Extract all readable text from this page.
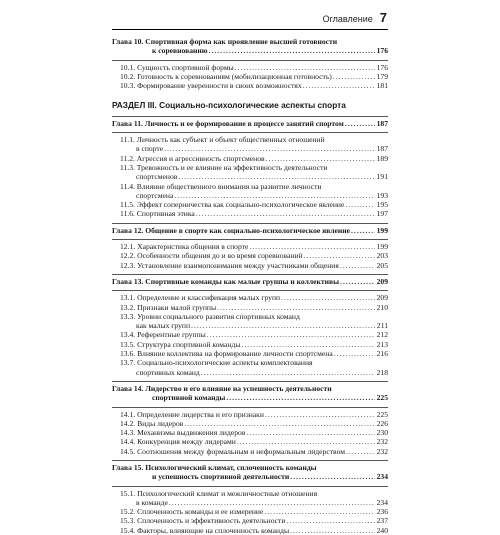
Оглавление 7
Глава 10. Спортивная форма как проявление высшей готовности
к соревнованию .....	176
10.1. Сущность спортивной формы .....	176
10.2. Готовность к соревнованиям (мобилизационная готовность) .....	179
10.3. Формирование уверенности в своих возможностях .....	181
РАЗДЕЛ III. Социально-психологические аспекты спорта
Глава 11. Личность и ее формирование в процессе занятий спортом .....	187
11.1. Личность как субъект и объект общественных отношений
в спорте .....	187
11.2. Агрессия и агрессивность спортсменов .....	189
11.3. Тревожность и ее влияние на эффективность деятельности
спортсменов .....	191
11.4. Влияние общественного внимания на развитие личности
спортсмена .....	193
11.5. Эффект соперничества как социально-психологическое явление .....	195
11.6. Спортивная этика .....	197
Глава 12. Общение в спорте как социально-психологическое явление .....	199
12.1. Характеристика общения в спорте .....	199
12.2. Особенности общения до и во время соревнований .....	203
12.3. Установление взаимопонимания между участниками общения .....	205
Глава 13. Спортивные команды как малые группы и коллективы .....	209
13.1. Определение и классификация малых групп .....	209
13.2. Признаки малой группы .....	210
13.3. Уровни социального развития спортивных команд
как малых групп .....	211
13.4. Референтные группы .....	212
13.5. Структура спортивной команды .....	213
13.6. Влияние коллектива на формирование личности спортсмена .....	216
13.7. Социально-психологические аспекты комплектования
спортивных команд .....	218
Глава 14. Лидерство и его влияние на успешность деятельности
спортивной команды .....	225
14.1. Определение лидерства и его признаки .....	225
14.2. Виды лидеров .....	226
14.3. Механизмы выдвижения лидеров .....	230
14.4. Конкуренция между лидерами .....	232
14.5. Соотношения между формальным и неформальным лидерством .....	232
Глава 15. Психологический климат, сплоченность команды
и успешность спортивной деятельности .....	234
15.1. Психологический климат и межличностные отношения
в команде .....	234
15.2. Сплоченность команды и ее измерение .....	236
15.3. Сплоченность и эффективность деятельности .....	237
15.4. Факторы, влияющие на сплоченность команды .....	240
